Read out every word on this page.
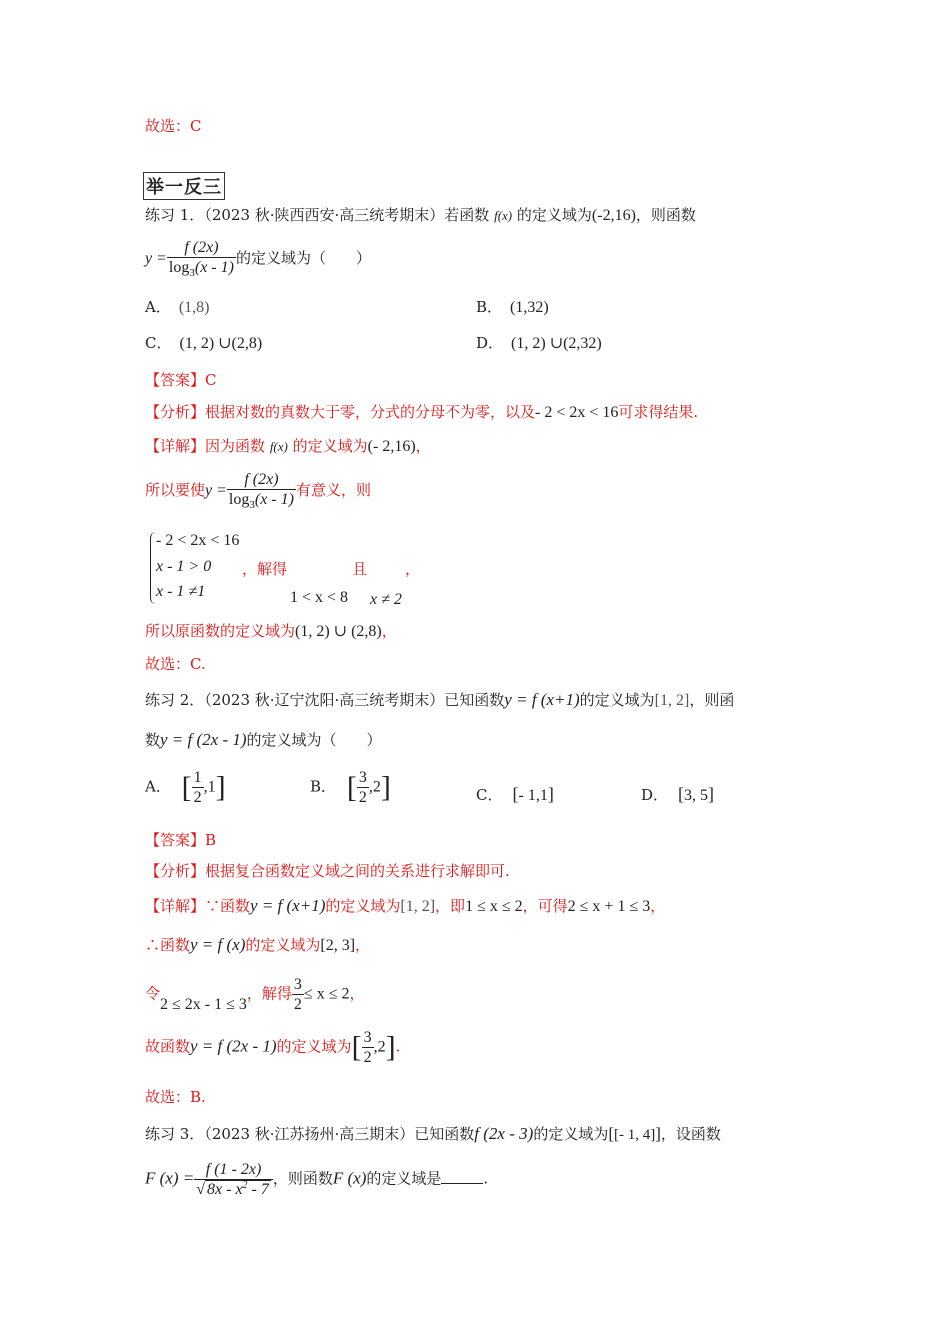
故选：C
举一反三
练习 1．（2023 秋·陕西西安·高三统考期末）若函数 f(x) 的定义域为(-2,16)，则函数
$y = \frac{f (2x)}{\log_3(x - 1)}$ 的定义域为（　　）
A． (1,8)	B． (1,32)
C． (1, 2) ∪(2,8)	D． (1, 2) ∪(2,32)
【答案】C
【分析】根据对数的真数大于零，分式的分母不为零，以及- 2 < 2x < 16可求得结果.
【详解】因为函数 f(x) 的定义域为(- 2,16)，
所以要使$y = \frac{f (2x)}{\log_3(x - 1)}$ 有意义，则
- 2 < 2x < 16
x - 1 > 0
x - 1 ≠1
，解得
1 < x < 8
且
x ≠ 2
，
所以原函数的定义域为(1, 2) ∪ (2,8)，
故选：C.
练习 2．（2023 秋·辽宁沈阳·高三统考期末）已知函数y = f (x+1)的定义域为[1, 2]，则函
数y = f (2x - 1)的定义域为（　　）
A． [ $\frac{1}{2} ,1$]	B． [ $\frac{3}{2} ,2$]	C． [- 1,1]	D． [3, 5]
【答案】B
【分析】根据复合函数定义域之间的关系进行求解即可.
【详解】∵函数y = f (x+1)的定义域为[1, 2]，即1 ≤ x ≤ 2，可得2 ≤ x + 1 ≤ 3，
∴函数y = f (x)的定义域为[2, 3]，
令2 ≤ 2x - 1 ≤ 3，解得 $\frac{3}{2} \le x \le 2$，
故函数y = f (2x - 1)的定义域为[ $\frac{3}{2} ,2$].
故选：B.
练习 3．（2023 秋·江苏扬州·高三期末）已知函数f (2x - 3)的定义域为[[- 1, 4]]，设函数
F $(x) = \frac{f (1 - 2x)}{√ 8x - x^2 - 7}$ ，则函数F (x)的定义域是	.
